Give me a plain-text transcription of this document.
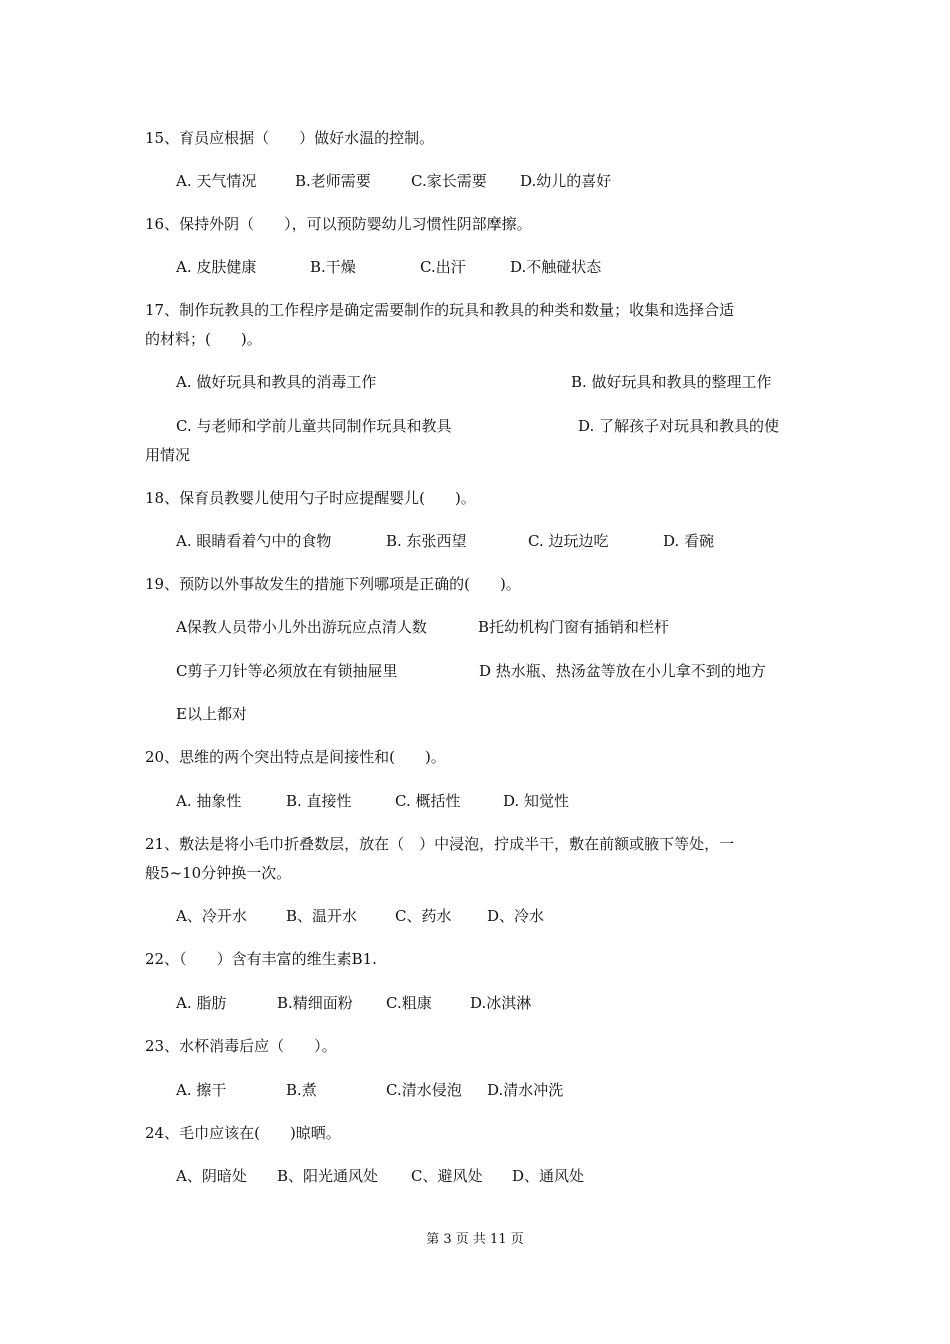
15、育员应根据（　　）做好水温的控制。
A. 天气情况	B.老师需要	C.家长需要 D.幼儿的喜好
16、保持外阴（　　），可以预防婴幼儿习惯性阴部摩擦。
A. 皮肤健康	B.干燥	C.出汗	D.不触碰状态
17、制作玩教具的工作程序是确定需要制作的玩具和教具的种类和数量；收集和选择合适
的材料；(　　)。
A. 做好玩具和教具的消毒工作	B. 做好玩具和教具的整理工作
C. 与老师和学前儿童共同制作玩具和教具	D. 了解孩子对玩具和教具的使
用情况
18、保育员教婴儿使用勺子时应提醒婴儿(　　)。
A. 眼睛看着勺中的食物	B. 东张西望	C. 边玩边吃	D. 看碗
19、预防以外事故发生的措施下列哪项是正确的(　　)。
A保教人员带小儿外出游玩应点清人数	B托幼机构门窗有插销和栏杆
C剪子刀针等必须放在有锁抽屉里	D 热水瓶、热汤盆等放在小儿拿不到的地方
E以上都对
20、思维的两个突出特点是间接性和(　　)。
A. 抽象性	B. 直接性	C. 概括性	D. 知觉性
21、敷法是将小毛巾折叠数层，放在（　）中浸泡，拧成半干，敷在前额或腋下等处，一
般5~10分钟换一次。
A、冷开水	B、温开水	C、药水 D、冷水
22、（　　）含有丰富的维生素B1.
A. 脂肪	B.精细面粉 C.粗康	D.冰淇淋
23、水杯消毒后应（　　）。
A. 擦干	B.煮	C.清水侵泡 D.清水冲洗
24、毛巾应该在(　　)晾晒。
A、阴暗处 B、阳光通风处 C、避风处 D、通风处
第 3 页 共 11 页
